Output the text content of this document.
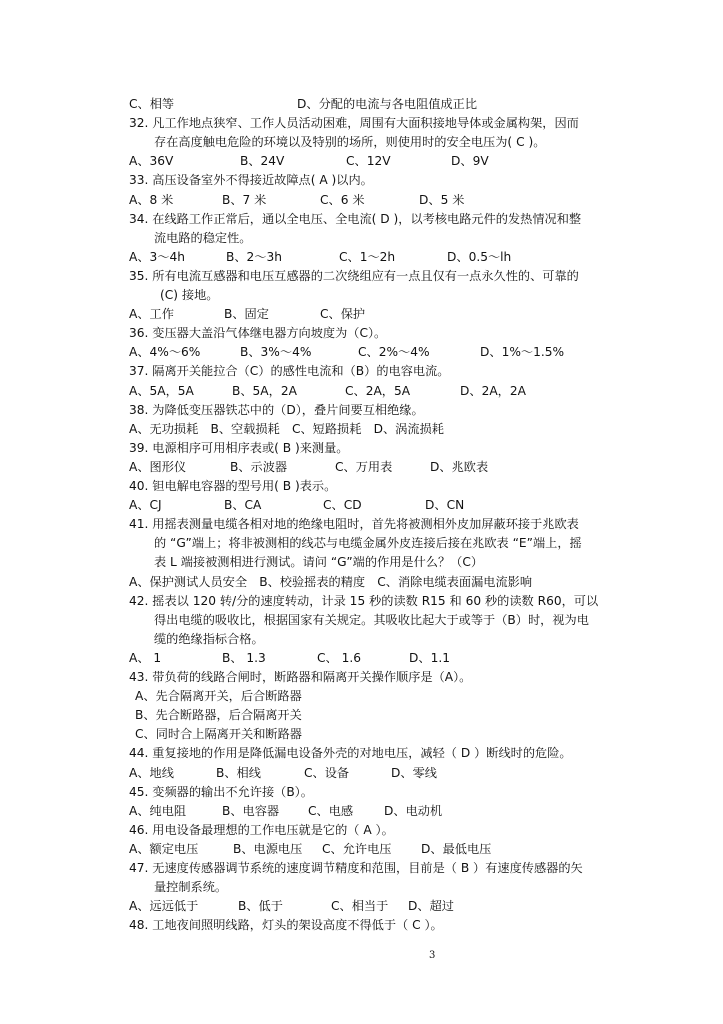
C、相等	D、分配的电流与各电阻值成正比
32. 凡工作地点狭窄、工作人员活动困难，周围有大面积接地导体或金属构架，因而
存在高度触电危险的环境以及特别的场所，则使用时的安全电压为( C )。
A、36V	B、24V	C、12V	D、9V
33. 高压设备室外不得接近故障点( A )以内。
A、8 米	B、7 米	C、6 米	D、5 米
34. 在线路工作正常后，通以全电压、全电流( D )，以考核电路元件的发热情况和整
流电路的稳定性。
A、3～4h	B、2～3h	C、1～2h	D、0.5～lh
35. 所有电流互感器和电压互感器的二次绕组应有一点且仅有一点永久性的、可靠的
(C) 接地。
A、工作	B、固定	C、保护
36. 变压器大盖沿气体继电器方向坡度为（C）。
A、4%～6%	B、3%～4%	C、2%～4%	D、1%～1.5%
37. 隔离开关能拉合（C）的感性电流和（B）的电容电流。
A、5A，5A	B、5A，2A	C、2A，5A	D、2A，2A
38. 为降低变压器铁芯中的（D），叠片间要互相绝缘。
A、无功损耗　B、空载损耗　C、短路损耗　D、涡流损耗
39. 电源相序可用相序表或( B )来测量。
A、图形仪	B、示波器	C、万用表	D、兆欧表
40. 钽电解电容器的型号用( B )表示。
A、CJ	B、CA	C、CD	D、CN
41. 用摇表测量电缆各相对地的绝缘电阻时，首先将被测相外皮加屏蔽环接于兆欧表
的 “G”端上；将非被测相的线芯与电缆金属外皮连接后接在兆欧表 “E”端上，摇
表 L 端接被测相进行测试。请问 “G”端的作用是什么？（C）
A、保护测试人员安全　B、校验摇表的精度　C、消除电缆表面漏电流影响
42. 摇表以 120 转/分的速度转动，计录 15 秒的读数 R15 和 60 秒的读数 R60，可以
得出电缆的吸收比，根据国家有关规定。其吸收比起大于或等于（B）时，视为电
缆的绝缘指标合格。
A、 1	B、 1.3	C、 1.6	D、1.1
43. 带负荷的线路合闸时，断路器和隔离开关操作顺序是（A）。
A、先合隔离开关，后合断路器
B、先合断路器，后合隔离开关
C、同时合上隔离开关和断路器
44. 重复接地的作用是降低漏电设备外壳的对地电压，减轻（ D ）断线时的危险。
A、地线	B、相线	C、设备	D、零线
45. 变频器的输出不允许接（B）。
A、纯电阻	B、电容器 C、电感	D、电动机
46. 用电设备最理想的工作电压就是它的（ A ）。
A、额定电压	B、电源电压 C、允许电压 D、最低电压
47. 无速度传感器调节系统的速度调节精度和范围，目前是（ B ）有速度传感器的矢
量控制系统。
A、远远低于	B、低于	C、相当于 D、超过
48. 工地夜间照明线路，灯头的架设高度不得低于（ C ）。
3
